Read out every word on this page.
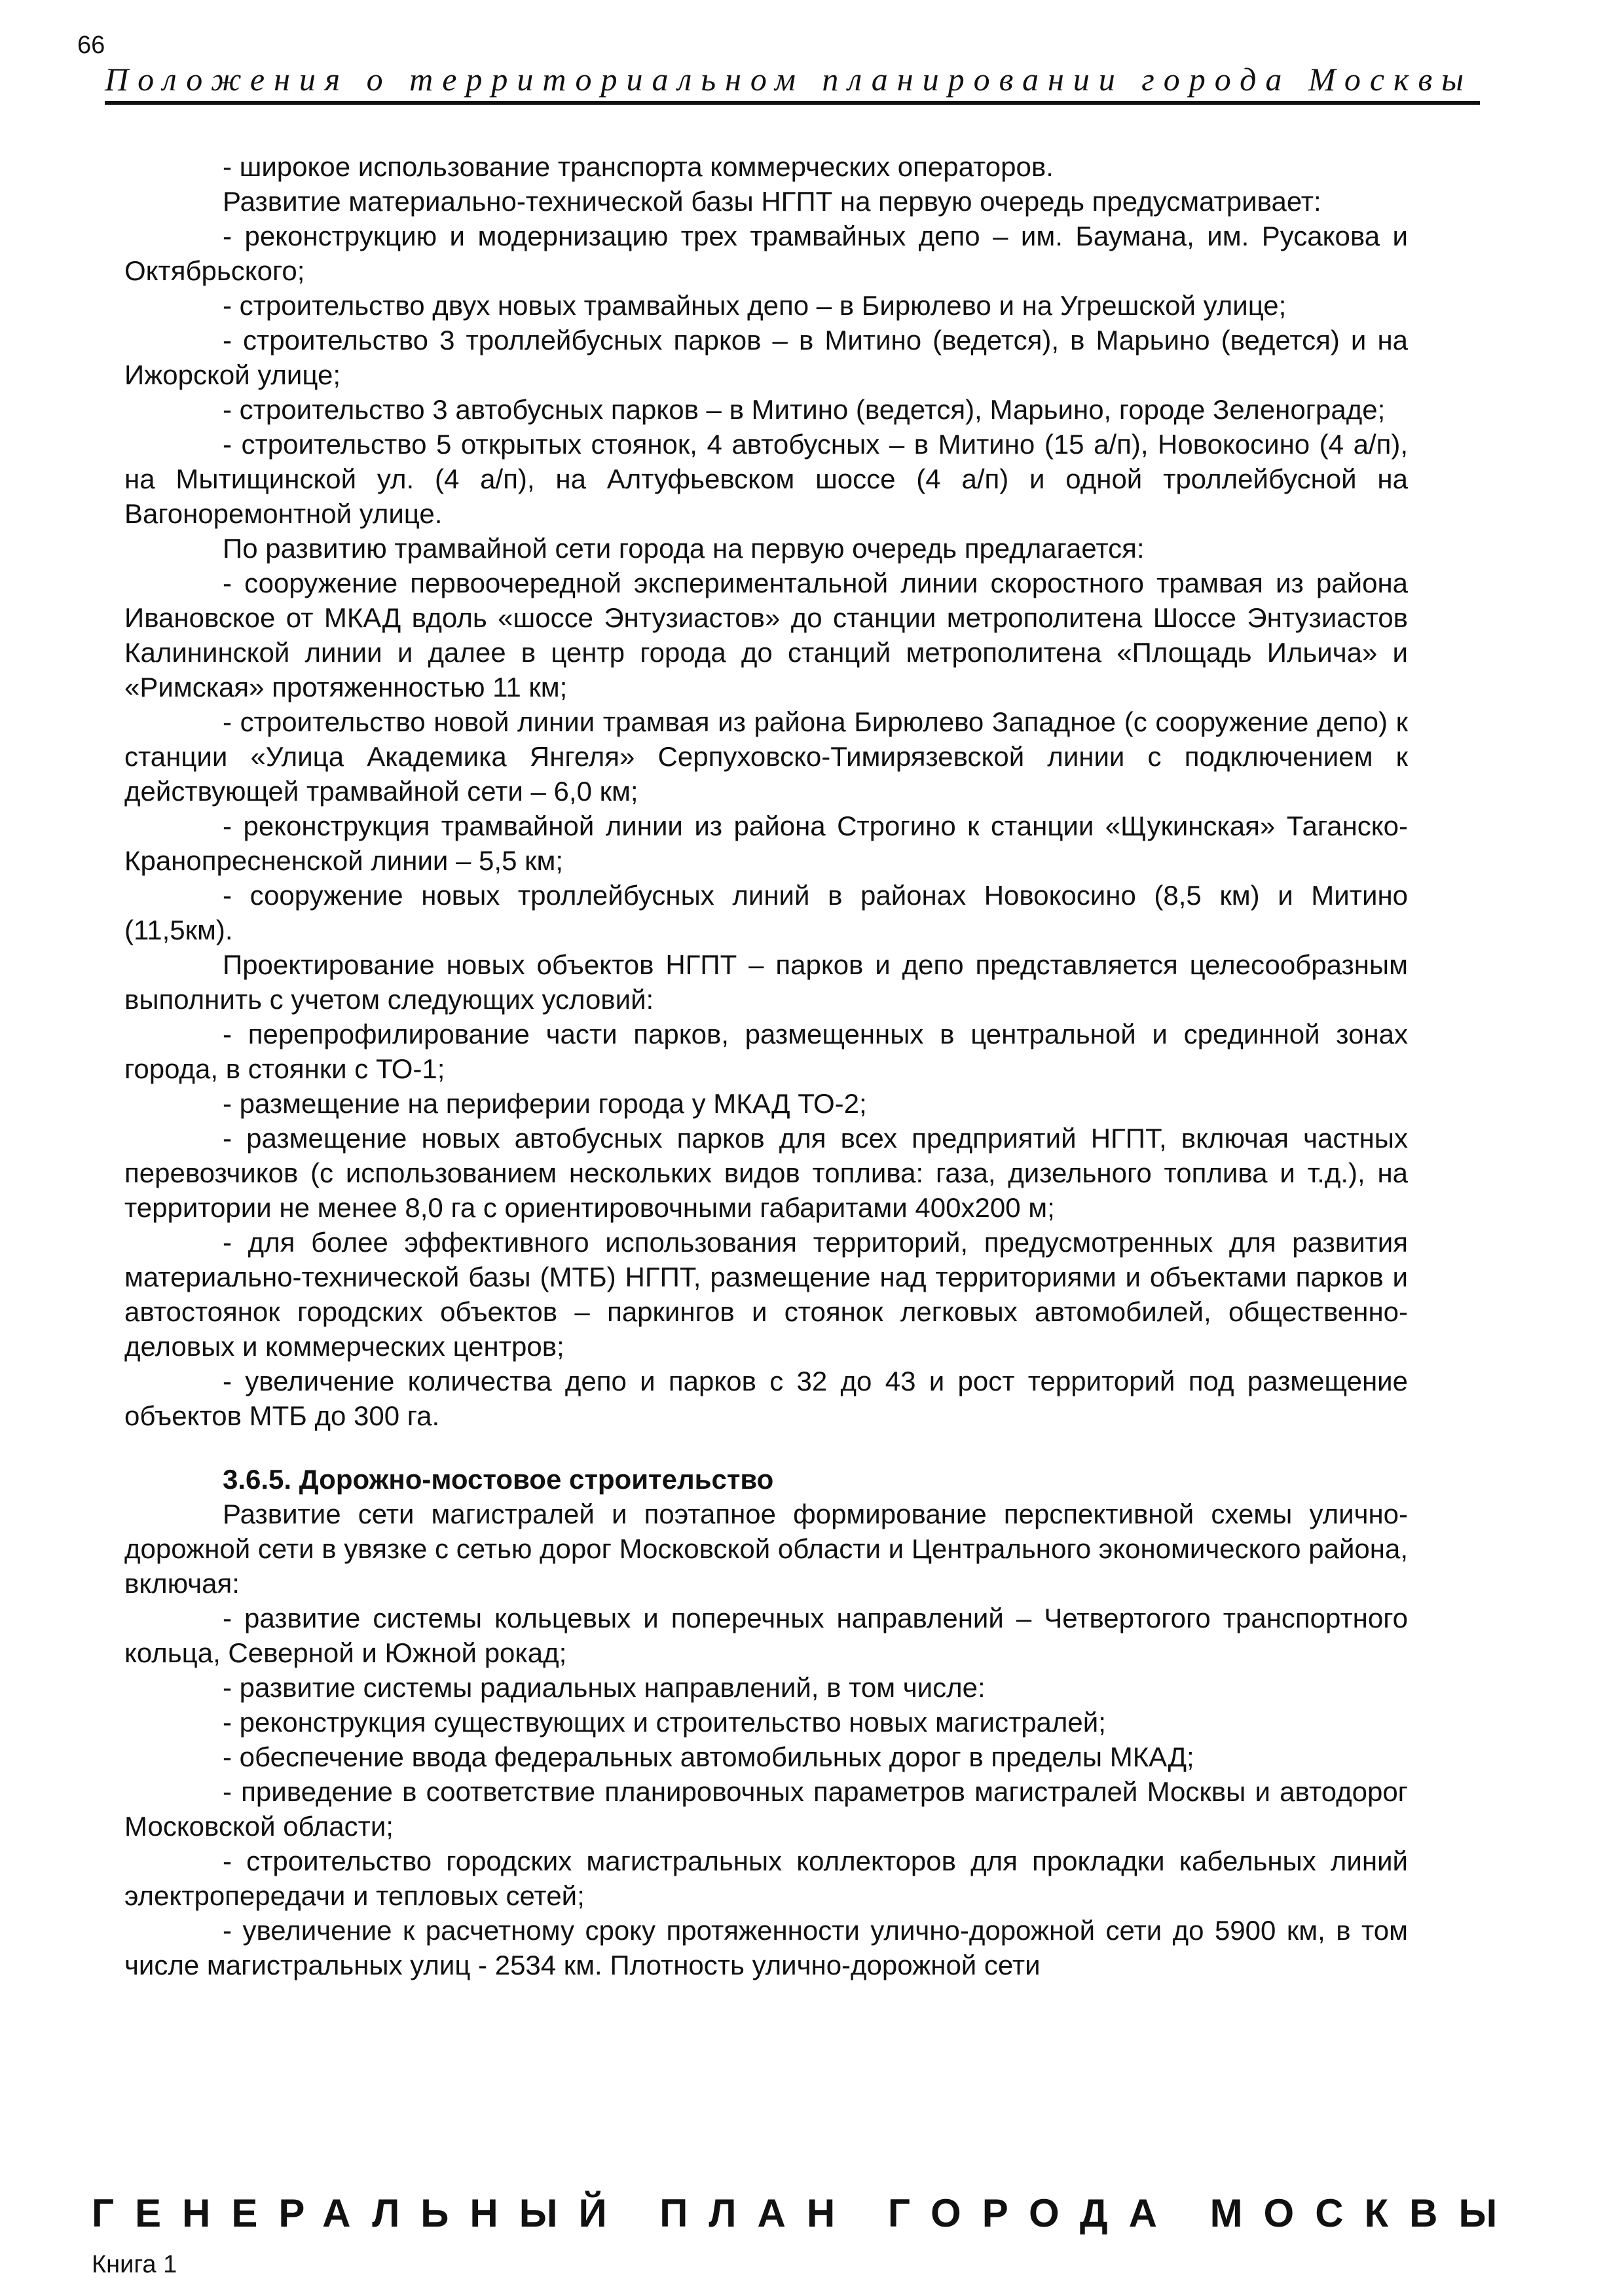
66
Положения о территориальном планировании города Москвы

- широкое использование транспорта коммерческих операторов.

Развитие материально-технической базы НГПТ на первую очередь предусматривает:

- реконструкцию и модернизацию трех трамвайных депо – им. Баумана, им. Русакова и Октябрьского;

- строительство двух новых трамвайных депо – в Бирюлево и на Угрешской улице;

- строительство 3 троллейбусных парков – в Митино (ведется), в Марьино (ведется) и на Ижорской улице;

- строительство 3 автобусных парков – в Митино (ведется), Марьино, городе Зеленограде;

- строительство 5 открытых стоянок, 4 автобусных – в Митино (15 а/п), Новокосино (4 а/п), на Мытищинской ул. (4 а/п), на Алтуфьевском шоссе (4 а/п) и одной троллейбусной на Вагоноремонтной улице.

По развитию трамвайной сети города на первую очередь предлагается:

- сооружение первоочередной экспериментальной линии скоростного трамвая из района Ивановское от МКАД вдоль «шоссе Энтузиастов» до станции метрополитена Шоссе Энтузиастов Калининской линии и далее в центр города до станций метрополитена «Площадь Ильича» и «Римская» протяженностью 11 км;

- строительство новой линии трамвая из района Бирюлево Западное (с сооружение депо) к станции «Улица Академика Янгеля» Серпуховско-Тимирязевской линии с подключением к действующей трамвайной сети – 6,0 км;

- реконструкция трамвайной линии из района Строгино к станции «Щукинская» Таганско-Кранопресненской линии – 5,5 км;

- сооружение новых троллейбусных линий в районах Новокосино (8,5 км) и Митино (11,5км).

Проектирование новых объектов НГПТ – парков и депо представляется целесообразным выполнить с учетом следующих условий:

- перепрофилирование части парков, размещенных в центральной и срединной зонах города, в стоянки с ТО-1;

- размещение на периферии города у МКАД ТО-2;

- размещение новых автобусных парков для всех предприятий НГПТ, включая частных перевозчиков (с использованием нескольких видов топлива: газа, дизельного топлива и т.д.), на территории не менее 8,0 га с ориентировочными габаритами 400х200 м;

- для более эффективного использования территорий, предусмотренных для развития материально-технической базы (МТБ) НГПТ, размещение над территориями и объектами парков и автостоянок городских объектов – паркингов и стоянок легковых автомобилей, общественно-деловых и коммерческих центров;

- увеличение количества депо и парков с 32 до 43 и рост территорий под размещение объектов МТБ до 300 га.

3.6.5. Дорожно-мостовое строительство

Развитие сети магистралей и поэтапное формирование перспективной схемы улично-дорожной сети в увязке с сетью дорог Московской области и Центрального экономического района, включая:

- развитие системы кольцевых и поперечных направлений – Четвертогого транспортного кольца, Северной и Южной рокад;

- развитие системы радиальных направлений, в том числе:

- реконструкция существующих и строительство новых магистралей;

- обеспечение ввода федеральных автомобильных дорог в пределы МКАД;

- приведение в соответствие планировочных параметров магистралей Москвы и автодорог Московской области;

- строительство городских магистральных коллекторов для прокладки кабельных линий электропередачи и тепловых сетей;

- увеличение к расчетному сроку протяженности улично-дорожной сети до 5900 км, в том числе магистральных улиц - 2534 км. Плотность улично-дорожной сети

ГЕНЕРАЛЬНЫЙ ПЛАН ГОРОДА МОСКВЫ
Книга 1
